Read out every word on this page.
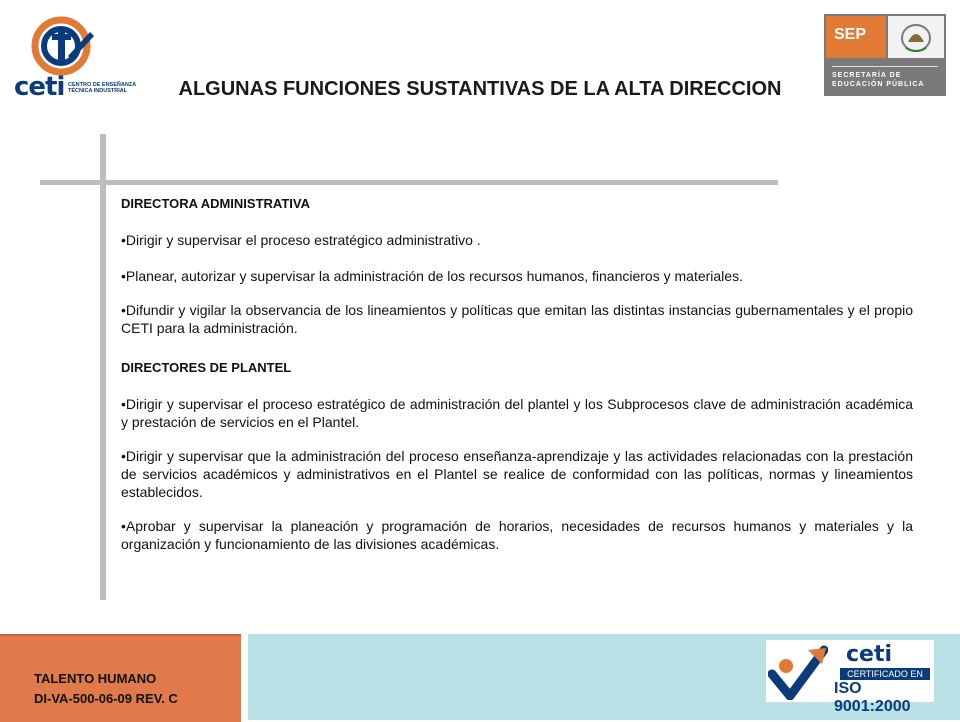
ceti CENTRO DE ENSEÑANZA TÉCNICA INDUSTRIAL
SEP
SECRETARÍA DE EDUCACIÓN PÚBLICA
ALGUNAS FUNCIONES SUSTANTIVAS DE LA ALTA DIRECCION

DIRECTORA ADMINISTRATIVA

•Dirigir y supervisar el proceso estratégico administrativo .

•Planear, autorizar y supervisar la administración de los recursos humanos, financieros y materiales.

•Difundir y vigilar la observancia de los lineamientos y políticas que emitan las distintas instancias gubernamentales y el propio CETI para la administración.

DIRECTORES DE PLANTEL

•Dirigir y supervisar el proceso estratégico de administración del plantel y los Subprocesos clave de administración académica y prestación de servicios en el Plantel.

•Dirigir y supervisar que la administración del proceso enseñanza-aprendizaje y las actividades relacionadas con la prestación de servicios académicos y administrativos en el Plantel se realice de conformidad con las políticas, normas y lineamientos establecidos.

•Aprobar y supervisar la planeación y programación de horarios, necesidades de recursos humanos y materiales y la organización y funcionamiento de las divisiones académicas.

TALENTO HUMANO
DI-VA-500-06-09 REV. C
ceti
CERTIFICADO EN
ISO 9001:2000
